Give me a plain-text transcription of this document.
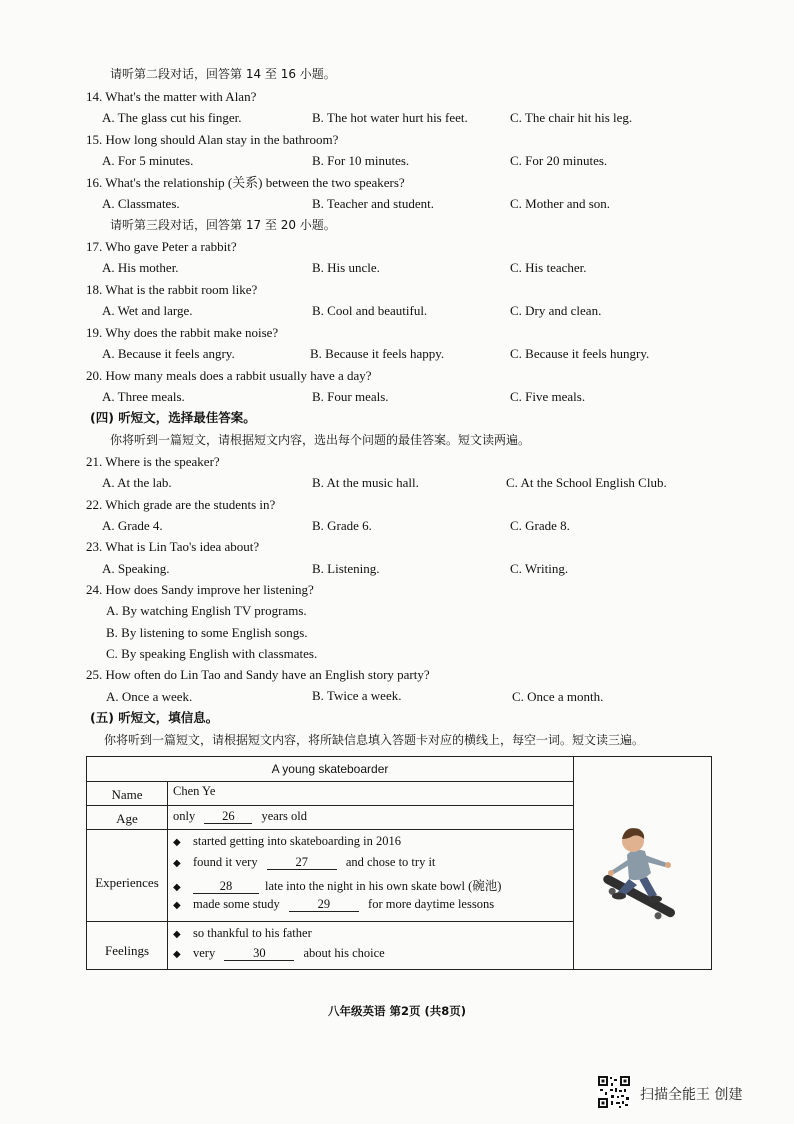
请听第二段对话，回答第 14 至 16 小题。
14. What's the matter with Alan?
A. The glass cut his finger.	B. The hot water hurt his feet.	C. The chair hit his leg.
15. How long should Alan stay in the bathroom?
A. For 5 minutes.	B. For 10 minutes.	C. For 20 minutes.
16. What's the relationship (关系) between the two speakers?
A. Classmates.	B. Teacher and student.	C. Mother and son.
请听第三段对话，回答第 17 至 20 小题。
17. Who gave Peter a rabbit?
A. His mother.	B. His uncle.	C. His teacher.
18. What is the rabbit room like?
A. Wet and large.	B. Cool and beautiful.	C. Dry and clean.
19. Why does the rabbit make noise?
A. Because it feels angry.	B. Because it feels happy.	C. Because it feels hungry.
20. How many meals does a rabbit usually have a day?
A. Three meals.	B. Four meals.	C. Five meals.
(四) 听短文，选择最佳答案。
你将听到一篇短文，请根据短文内容，选出每个问题的最佳答案。短文读两遍。
21. Where is the speaker?
A. At the lab.	B. At the music hall.	C. At the School English Club.
22. Which grade are the students in?
A. Grade 4.	B. Grade 6.	C. Grade 8.
23. What is Lin Tao's idea about?
A. Speaking.	B. Listening.	C. Writing.
24. How does Sandy improve her listening?
A. By watching English TV programs.
B. By listening to some English songs.
C. By speaking English with classmates.
25. How often do Lin Tao and Sandy have an English story party?
A. Once a week.	B. Twice a week.	C. Once a month.
(五) 听短文，填信息。
你将听到一篇短文，请根据短文内容，将所缺信息填入答题卡对应的横线上，每空一词。短文读三遍。
A young skateboarder
Name	Chen Ye
Age	only 26 years old
Experiences
◆ started getting into skateboarding in 2016
◆ found it very	27	and chose to try it
◆	28	late into the night in his own skate bowl (碗池)
◆ made some study	29	for more daytime lessons
Feelings
◆ so thankful to his father
◆ very	30	about his choice
八年级英语 第2页 (共8页)
扫描全能王 创建
